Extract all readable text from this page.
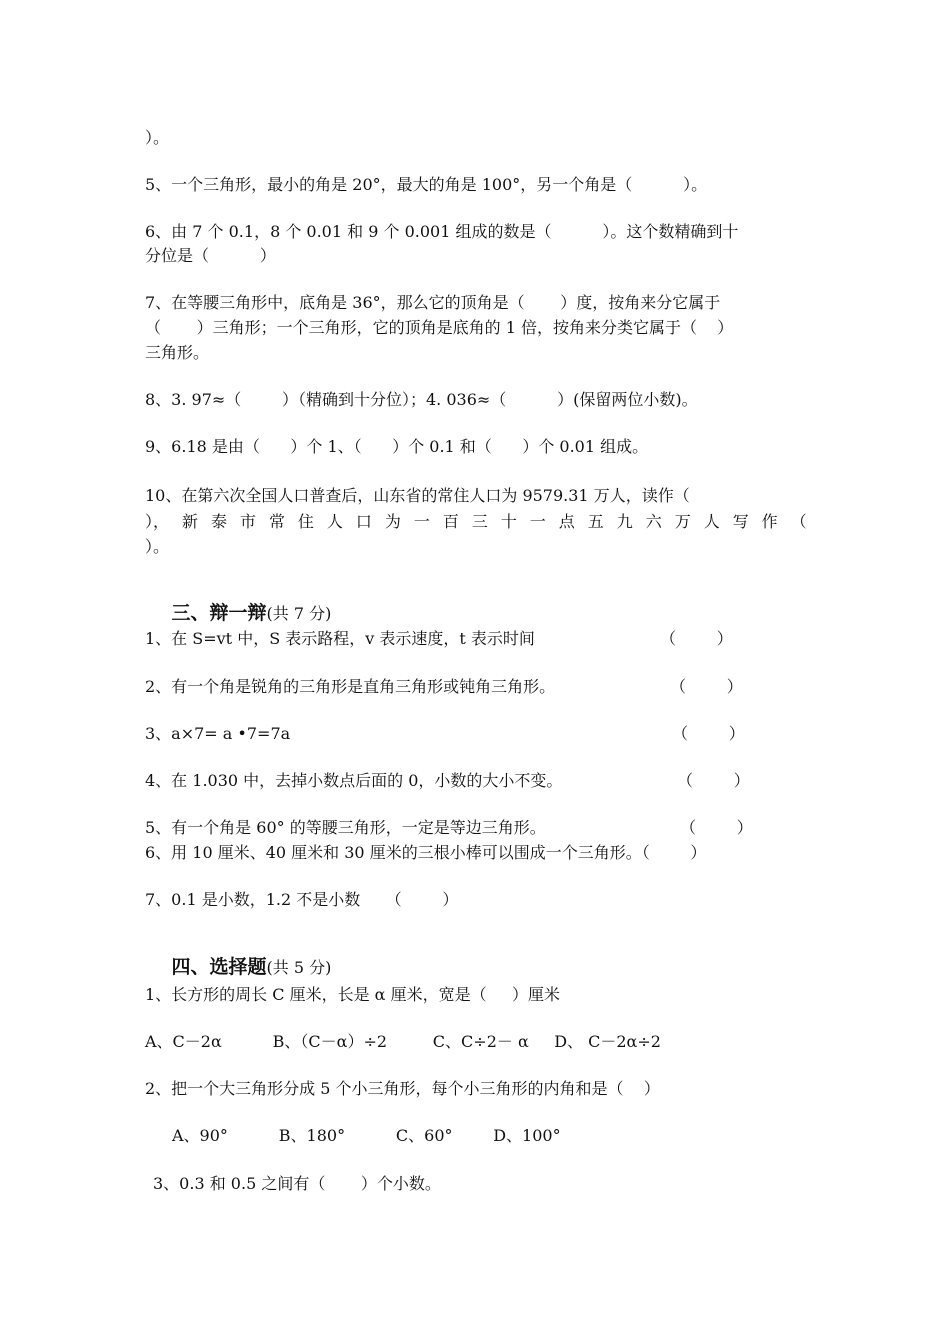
）。
5、一个三角形，最小的角是 20°，最大的角是 100°，另一个角是（          ）。
6、由 7 个 0.1，8 个 0.01 和 9 个 0.001 组成的数是（          ）。这个数精确到十
分位是（          ）
7、在等腰三角形中，底角是 36°，那么它的顶角是（       ）度，按角来分它属于
（       ）三角形；一个三角形，它的顶角是底角的 1 倍，按角来分类它属于（    ）
三角形。
8、3. 97≈（        ）（精确到十分位）；4. 036≈（          ）(保留两位小数)。
9、6.18 是由（      ）个 1、（      ）个 0.1 和（      ）个 0.01 组成。
10、在第六次全国人口普查后，山东省的常住人口为 9579.31 万人，读作（
）， 新 泰 市 常 住 人 口 为 一 百 三 十 一 点 五 九 六 万 人 写 作 （
）。

三、辩一辩(共 7 分)

1、在 S=vt 中，S 表示路程，v 表示速度，t 表示时间	（        ）
2、有一个角是锐角的三角形是直角三角形或钝角三角形。	（        ）
3、a×7= a •7=7a	（        ）
4、在 1.030 中，去掉小数点后面的 0，小数的大小不变。	（        ）
5、有一个角是 60° 的等腰三角形，一定是等边三角形。	（        ）
6、用 10 厘米、40 厘米和 30 厘米的三根小棒可以围成一个三角形。（        ）
7、0.1 是小数，1.2 不是小数     （        ）

四、选择题(共 5 分)

1、长方形的周长 C 厘米，长是 α 厘米，宽是（     ）厘米
A、C－2α          B、（C－α）÷2         C、C÷2－ α     D、 C－2α÷2
2、把一个大三角形分成 5 个小三角形，每个小三角形的内角和是（    ）
A、90°          B、180°          C、60°        D、100°
3、0.3 和 0.5 之间有（       ）个小数。
